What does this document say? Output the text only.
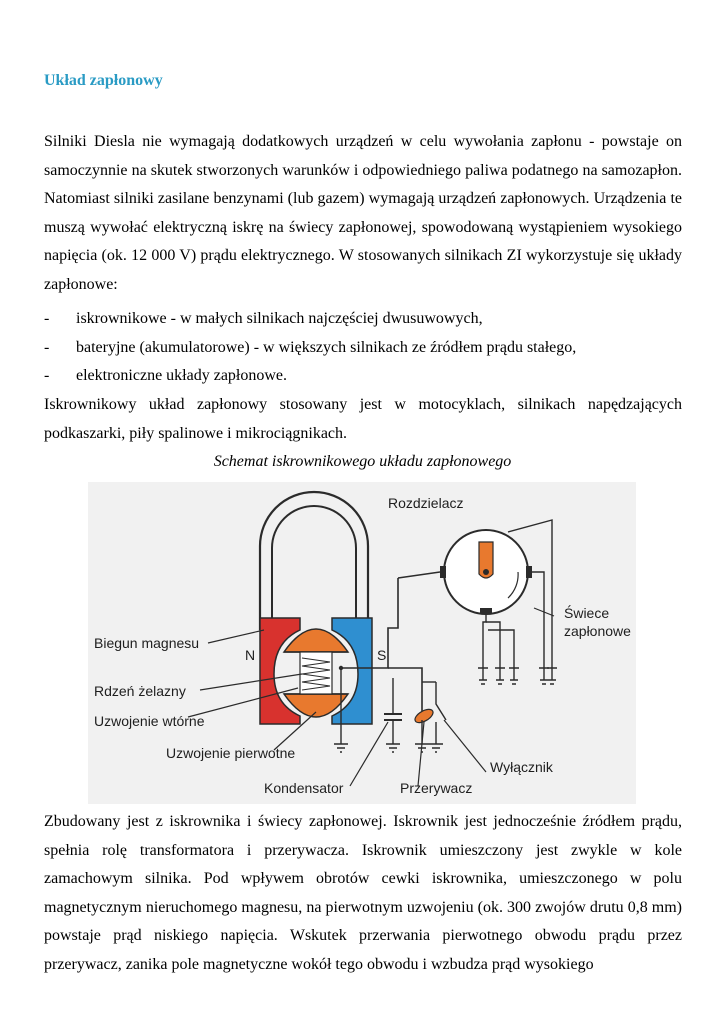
Układ zapłonowy

Silniki Diesla nie wymagają dodatkowych urządzeń w celu wywołania zapłonu - powstaje on samoczynnie na skutek stworzonych warunków i odpowiedniego paliwa podatnego na samozapłon. Natomiast silniki zasilane benzynami (lub gazem) wymagają urządzeń zapłonowych. Urządzenia te muszą wywołać elektryczną iskrę na świecy zapłonowej, spowodowaną wystąpieniem wysokiego napięcia (ok. 12 000 V) prądu elektrycznego. W stosowanych silnikach ZI wykorzystuje się układy zapłonowe:

- iskrownikowe - w małych silnikach najczęściej dwusuwowych,
- bateryjne (akumulatorowe) - w większych silnikach ze źródłem prądu stałego,
- elektroniczne układy zapłonowe.

Iskrownikowy układ zapłonowy stosowany jest w motocyklach, silnikach napędzających podkaszarki, piły spalinowe i mikrociągnikach.

Schemat iskrownikowego układu zapłonowego

Rozdzielacz
Świece
zapłonowe
Biegun magnesu
Rdzeń żelazny
Uzwojenie wtórne
Uzwojenie pierwotne
Kondensator	Przerywacz
Wyłącznik
N	S

Zbudowany jest z iskrownika i świecy zapłonowej. Iskrownik jest jednocześnie źródłem prądu, spełnia rolę transformatora i przerywacza. Iskrownik umieszczony jest zwykle w kole zamachowym silnika. Pod wpływem obrotów cewki iskrownika, umieszczonego w polu magnetycznym nieruchomego magnesu, na pierwotnym uzwojeniu (ok. 300 zwojów drutu 0,8 mm) powstaje prąd niskiego napięcia. Wskutek przerwania pierwotnego obwodu prądu przez przerywacz, zanika pole magnetyczne wokół tego obwodu i wzbudza prąd wysokiego
